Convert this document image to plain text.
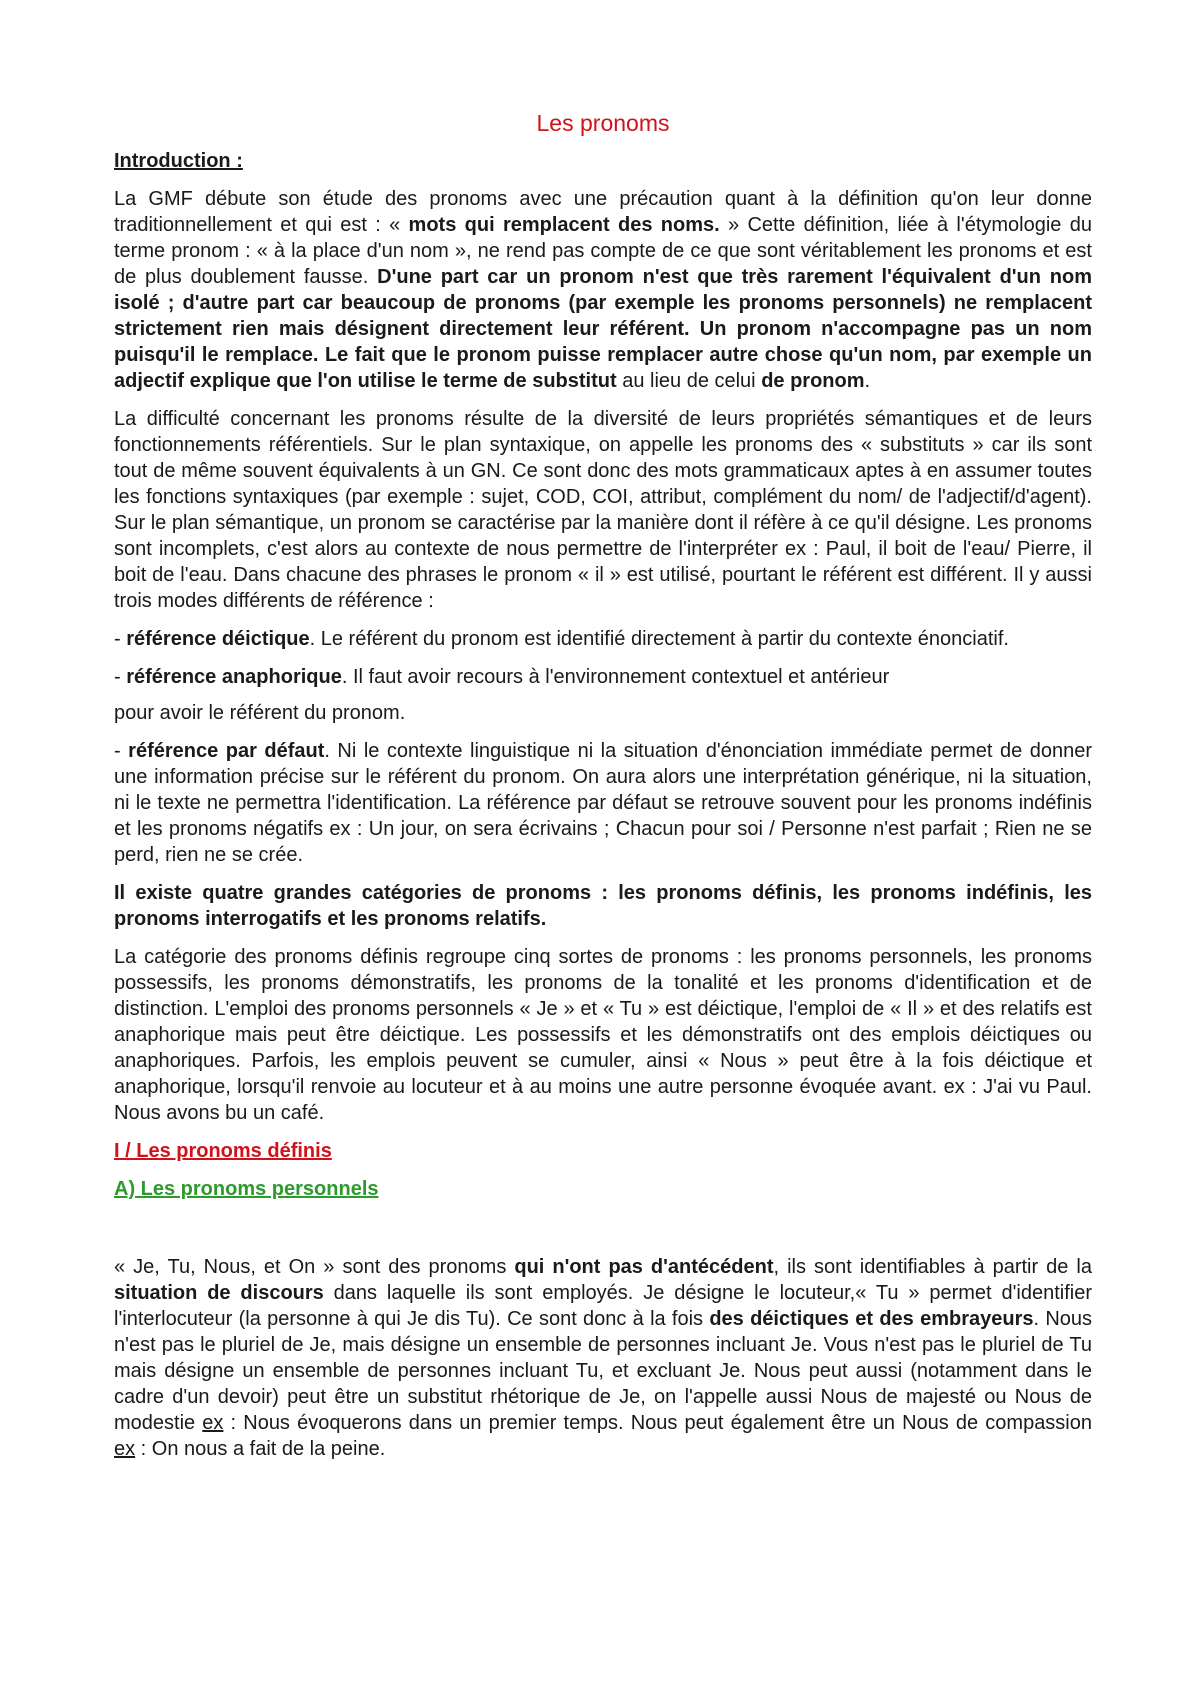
Les pronoms
Introduction :

La GMF débute son étude des pronoms avec une précaution quant à la définition qu'on leur donne traditionnellement et qui est : « mots qui remplacent des noms. » Cette définition, liée à l'étymologie du terme pronom : « à la place d'un nom », ne rend pas compte de ce que sont véritablement les pronoms et est de plus doublement fausse. D'une part car un pronom n'est que très rarement l'équivalent d'un nom isolé ; d'autre part car beaucoup de pronoms (par exemple les pronoms personnels) ne remplacent strictement rien mais désignent directement leur référent. Un pronom n'accompagne pas un nom puisqu'il le remplace. Le fait que le pronom puisse remplacer autre chose qu'un nom, par exemple un adjectif explique que l'on utilise le terme de substitut au lieu de celui de pronom.

La difficulté concernant les pronoms résulte de la diversité de leurs propriétés sémantiques et de leurs fonctionnements référentiels. Sur le plan syntaxique, on appelle les pronoms des « substituts » car ils sont tout de même souvent équivalents à un GN. Ce sont donc des mots grammaticaux aptes à en assumer toutes les fonctions syntaxiques (par exemple : sujet, COD, COI, attribut, complément du nom/ de l'adjectif/d'agent). Sur le plan sémantique, un pronom se caractérise par la manière dont il réfère à ce qu'il désigne. Les pronoms sont incomplets, c'est alors au contexte de nous permettre de l'interpréter ex : Paul, il boit de l'eau/ Pierre, il boit de l'eau. Dans chacune des phrases le pronom « il » est utilisé, pourtant le référent est différent. Il y aussi trois modes différents de référence :

- référence déictique. Le référent du pronom est identifié directement à partir du contexte énonciatif.

- référence anaphorique. Il faut avoir recours à l'environnement contextuel et antérieur

pour avoir le référent du pronom.

- référence par défaut. Ni le contexte linguistique ni la situation d'énonciation immédiate permet de donner une information précise sur le référent du pronom. On aura alors une interprétation générique, ni la situation, ni le texte ne permettra l'identification. La référence par défaut se retrouve souvent pour les pronoms indéfinis et les pronoms négatifs ex : Un jour, on sera écrivains ; Chacun pour soi / Personne n'est parfait ; Rien ne se perd, rien ne se crée.

Il existe quatre grandes catégories de pronoms : les pronoms définis, les pronoms indéfinis, les pronoms interrogatifs et les pronoms relatifs.

La catégorie des pronoms définis regroupe cinq sortes de pronoms : les pronoms personnels, les pronoms possessifs, les pronoms démonstratifs, les pronoms de la tonalité et les pronoms d'identification et de distinction. L'emploi des pronoms personnels « Je » et « Tu » est déictique, l'emploi de « Il » et des relatifs est anaphorique mais peut être déictique. Les possessifs et les démonstratifs ont des emplois déictiques ou anaphoriques. Parfois, les emplois peuvent se cumuler, ainsi « Nous » peut être à la fois déictique et anaphorique, lorsqu'il renvoie au locuteur et à au moins une autre personne évoquée avant. ex : J'ai vu Paul. Nous avons bu un café.

I / Les pronoms définis
A) Les pronoms personnels

« Je, Tu, Nous, et On » sont des pronoms qui n'ont pas d'antécédent, ils sont identifiables à partir de la situation de discours dans laquelle ils sont employés. Je désigne le locuteur,« Tu » permet d'identifier l'interlocuteur (la personne à qui Je dis Tu). Ce sont donc à la fois des déictiques et des embrayeurs. Nous n'est pas le pluriel de Je, mais désigne un ensemble de personnes incluant Je. Vous n'est pas le pluriel de Tu mais désigne un ensemble de personnes incluant Tu, et excluant Je. Nous peut aussi (notamment dans le cadre d'un devoir) peut être un substitut rhétorique de Je, on l'appelle aussi Nous de majesté ou Nous de modestie ex : Nous évoquerons dans un premier temps. Nous peut également être un Nous de compassion ex : On nous a fait de la peine.
